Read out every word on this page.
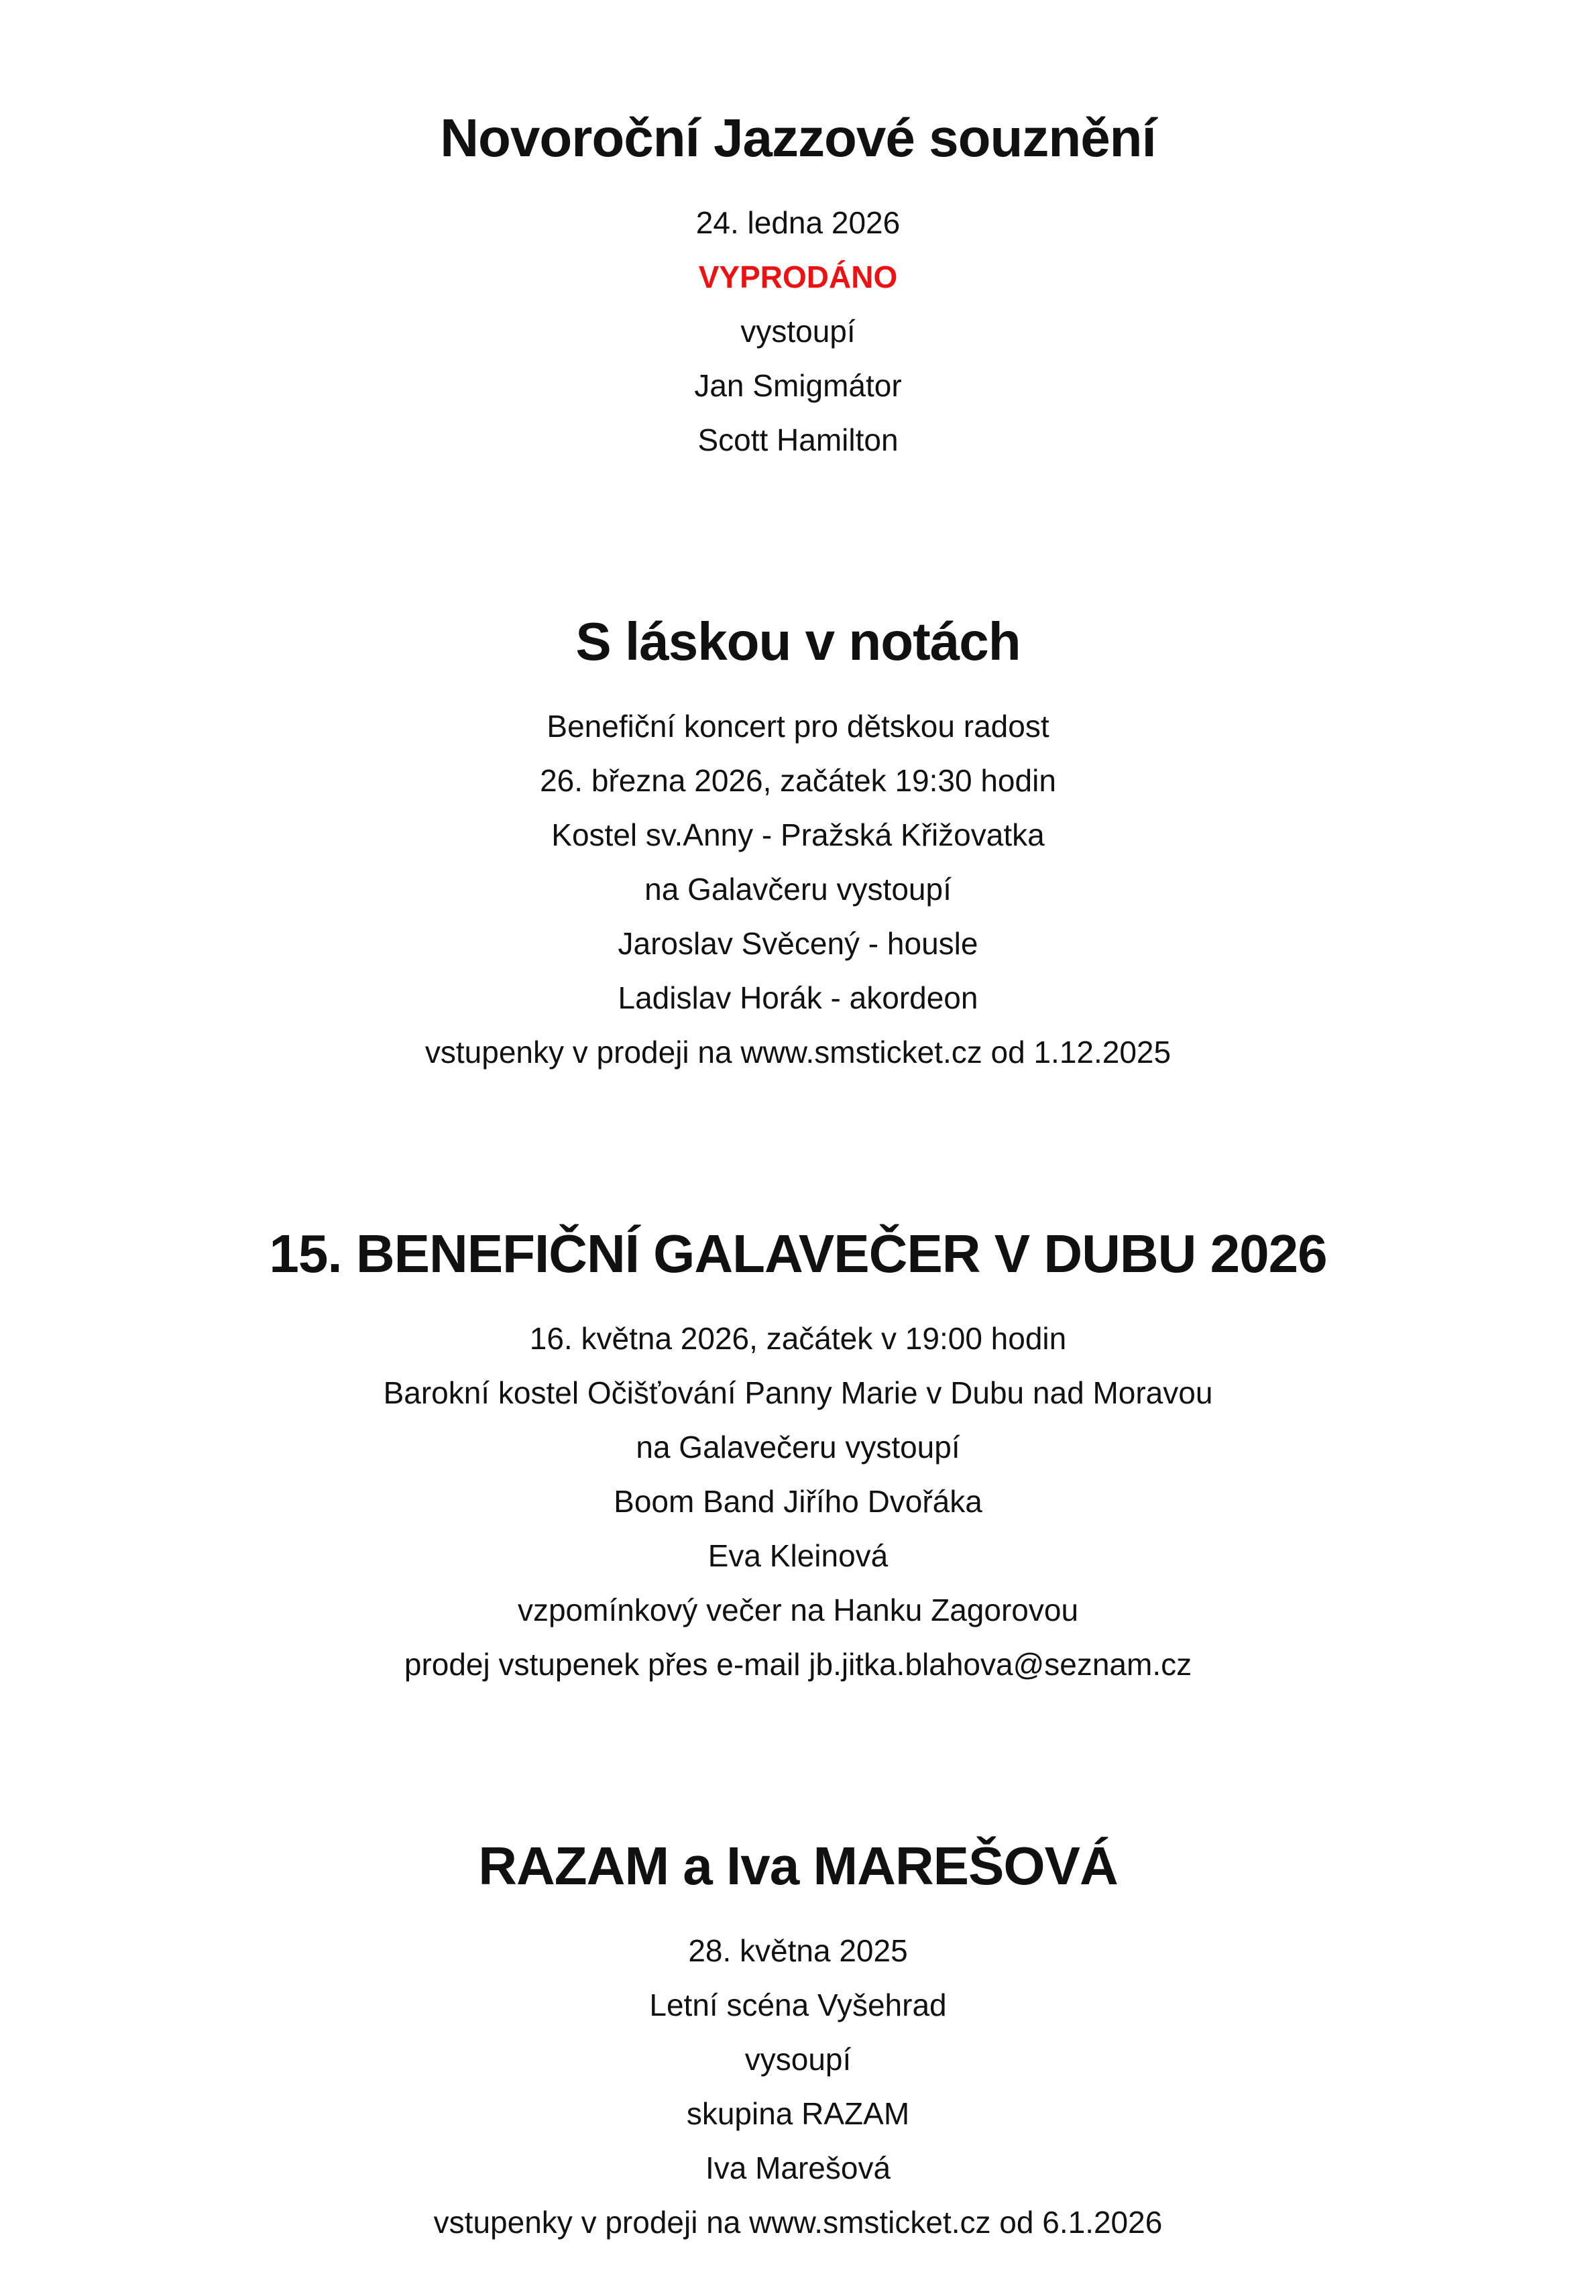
Novoroční Jazzové souznění

24. ledna 2026

VYPRODÁNO

vystoupí

Jan Smigmátor

Scott Hamilton

S láskou v notách

Benefiční koncert pro dětskou radost

26. března 2026, začátek 19:30 hodin

Kostel sv.Anny - Pražská Křižovatka

na Galavčeru vystoupí

Jaroslav Svěcený - housle

Ladislav Horák - akordeon

vstupenky v prodeji na www.smsticket.cz od 1.12.2025

15. BENEFIČNÍ GALAVEČER V DUBU 2026

16. května 2026, začátek v 19:00 hodin

Barokní kostel Očišťování Panny Marie v Dubu nad Moravou

na Galavečeru vystoupí

Boom Band Jiřího Dvořáka

Eva Kleinová

vzpomínkový večer na Hanku Zagorovou

prodej vstupenek přes e-mail jb.jitka.blahova@seznam.cz

RAZAM a Iva MAREŠOVÁ

28. května 2025

Letní scéna Vyšehrad

vysoupí

skupina RAZAM

Iva Marešová

vstupenky v prodeji na www.smsticket.cz od 6.1.2026
